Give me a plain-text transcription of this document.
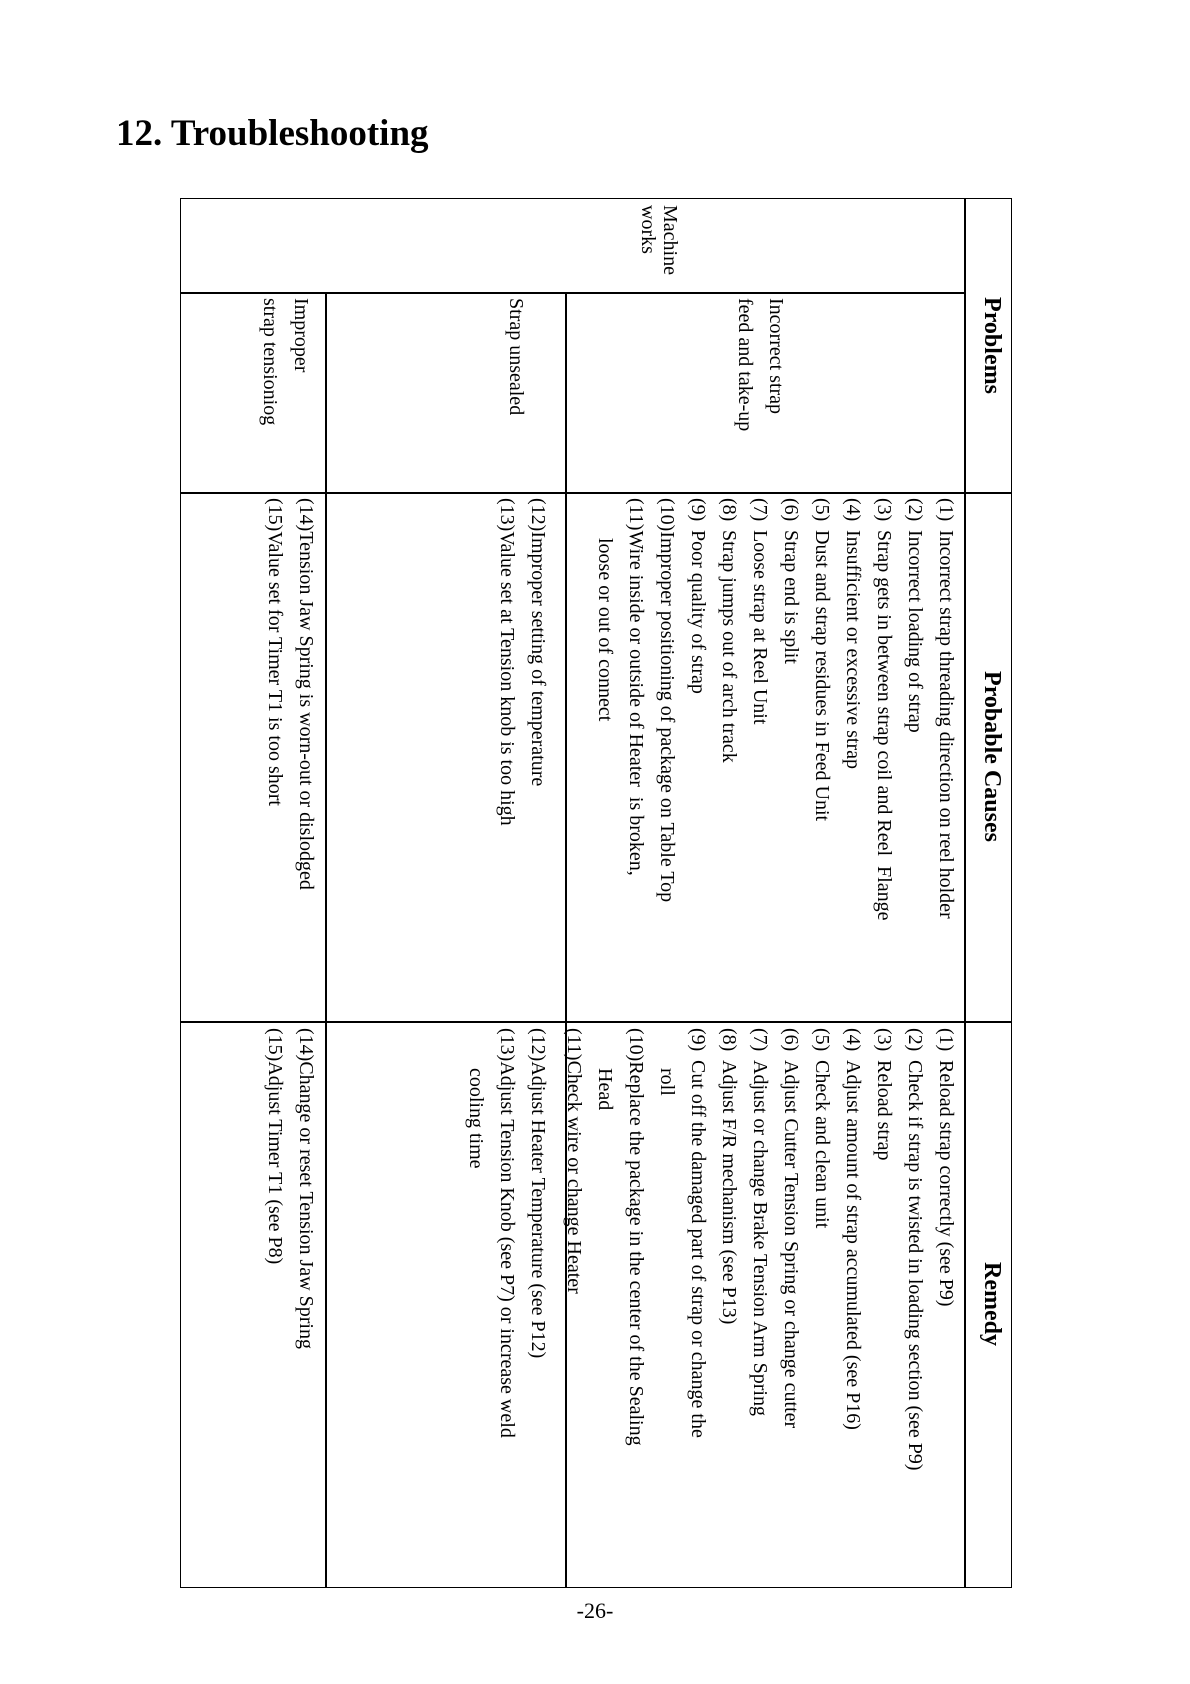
12. Troubleshooting
Problems
Probable Causes
Remedy
Machine
works
Incorrect strap
feed and take-up
Strap unsealed
Improper
strap tensioniog
(1)
Incorrect strap threading direction on reel holder
(2)
Incorrect loading of strap
(3)
Strap gets in between strap coil and Reel  Flange
(4)
Insufficient or excessive strap
(5)
Dust and strap residues in Feed Unit
(6)
Strap end is split
(7)
Loose strap at Reel Unit
(8)
Strap jumps out of arch track
(9)
Poor quality of strap
(10)
Improper positioning of package on Table Top
(11)
Wire inside or outside of Heater  is broken,
loose or out of connect
(1)
Reload strap correctly (see P9)
(2)
Check if strap is twisted in loading section (see P9)
(3)
Reload strap
(4)
Adjust amount of strap accumulated (see P16)
(5)
Check and clean unit
(6)
Adjust Cutter Tension Spring or change cutter
(7)
Adjust or change Brake Tension Arm Spring
(8)
Adjust F/R mechanism (see P13)
(9)
Cut off the damaged part of strap or change the
roll
(10)
Replace the package in the center of the Sealing
Head
(11)
Check wire or change Heater
(12)
Improper setting of temperature
(13)
Value set at Tension knob is too high
(12)
Adjust Heater Temperature (see P12)
(13)
Adjust Tension Knob (see P7) or increase weld
cooling time
(14)
Tension Jaw Spring is worn-out or dislodged
(15)
Value set for Timer T1 is too short
(14)
Change or reset Tension Jaw Spring
(15)
Adjust Timer T1 (see P8)
-26-
